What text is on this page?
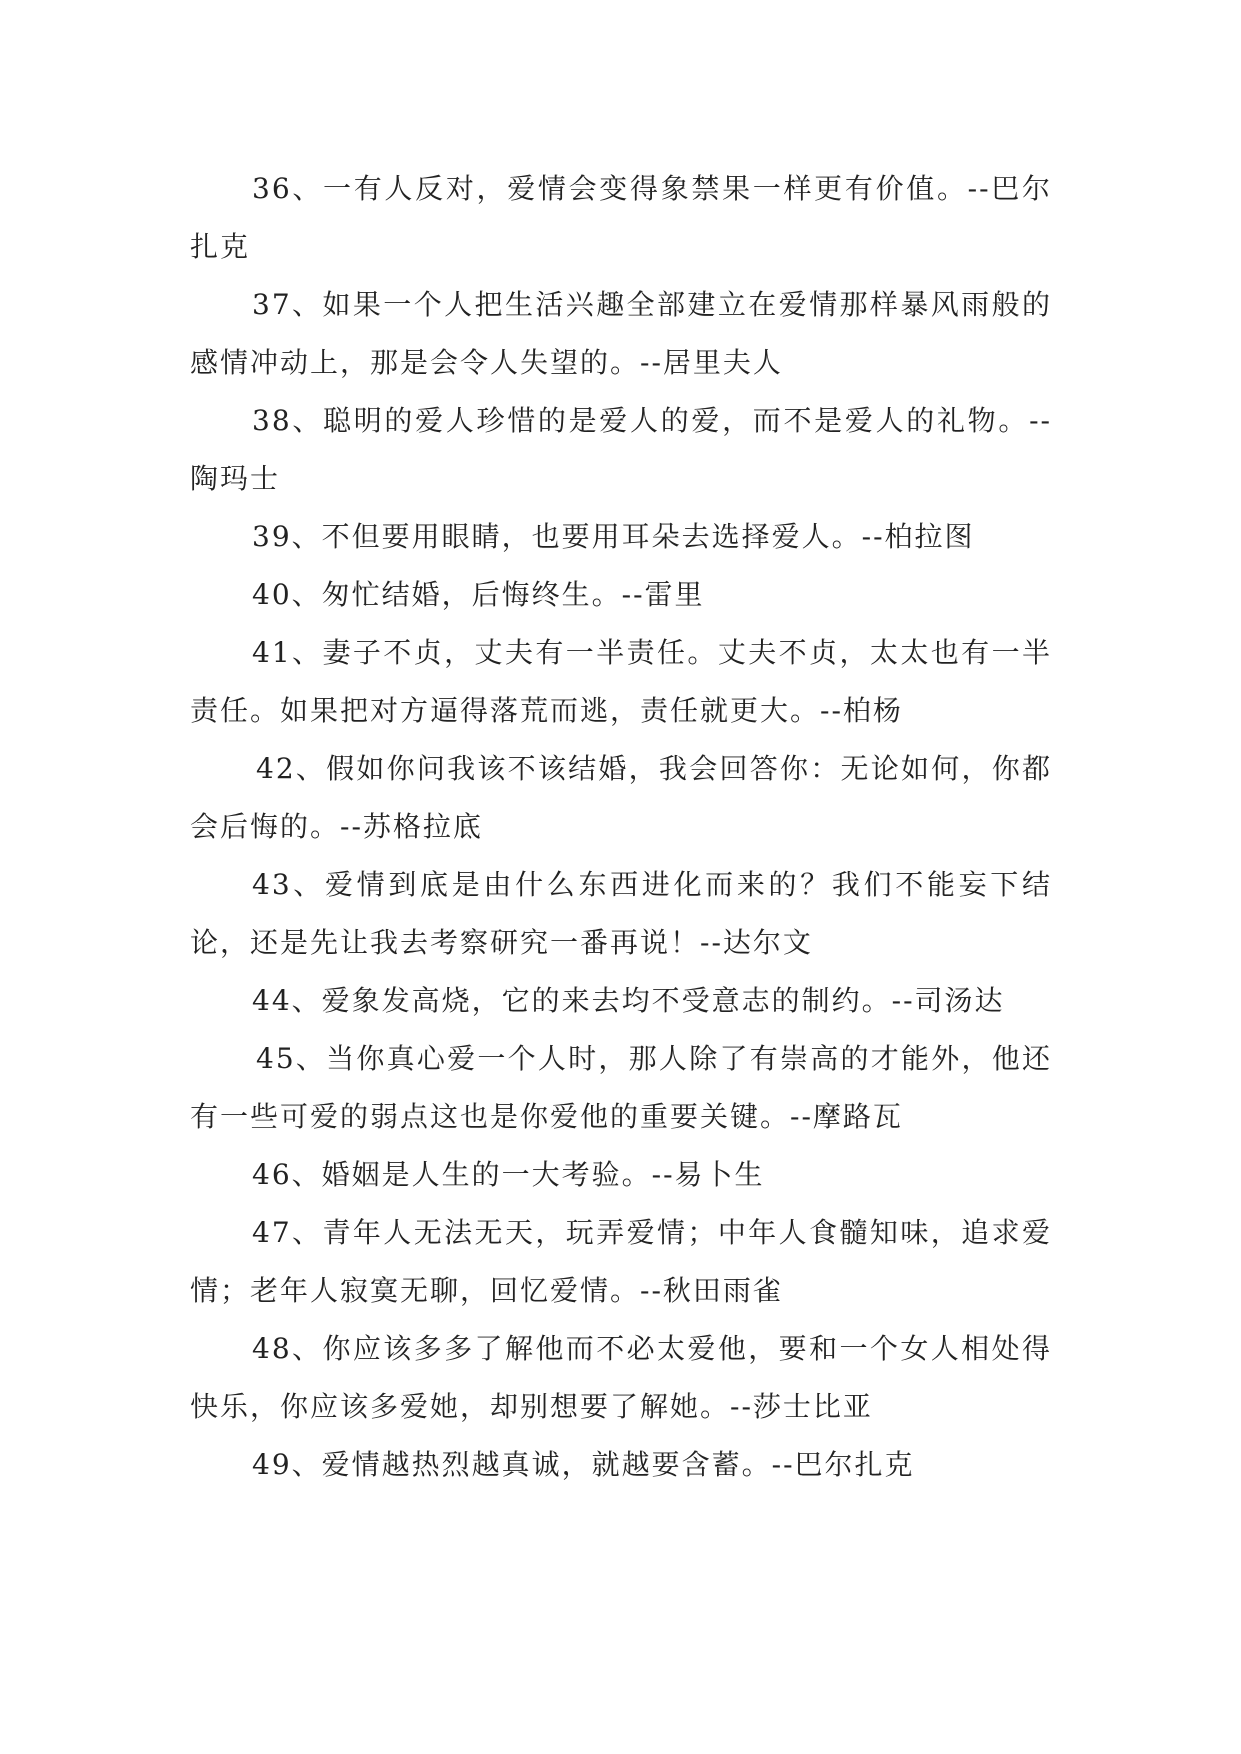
36、一有人反对，爱情会变得象禁果一样更有价值。--巴尔扎克

37、如果一个人把生活兴趣全部建立在爱情那样暴风雨般的感情冲动上，那是会令人失望的。--居里夫人

38、聪明的爱人珍惜的是爱人的爱，而不是爱人的礼物。--陶玛士

39、不但要用眼睛，也要用耳朵去选择爱人。--柏拉图

40、匆忙结婚，后悔终生。--雷里

41、妻子不贞，丈夫有一半责任。丈夫不贞，太太也有一半责任。如果把对方逼得落荒而逃，责任就更大。--柏杨

42、假如你问我该不该结婚，我会回答你：无论如何，你都会后悔的。--苏格拉底

43、爱情到底是由什么东西进化而来的？我们不能妄下结论，还是先让我去考察研究一番再说！--达尔文

44、爱象发高烧，它的来去均不受意志的制约。--司汤达

45、当你真心爱一个人时，那人除了有崇高的才能外，他还有一些可爱的弱点这也是你爱他的重要关键。--摩路瓦

46、婚姻是人生的一大考验。--易卜生

47、青年人无法无天，玩弄爱情；中年人食髓知味，追求爱情；老年人寂寞无聊，回忆爱情。--秋田雨雀

48、你应该多多了解他而不必太爱他，要和一个女人相处得快乐，你应该多爱她，却别想要了解她。--莎士比亚

49、爱情越热烈越真诚，就越要含蓄。--巴尔扎克
